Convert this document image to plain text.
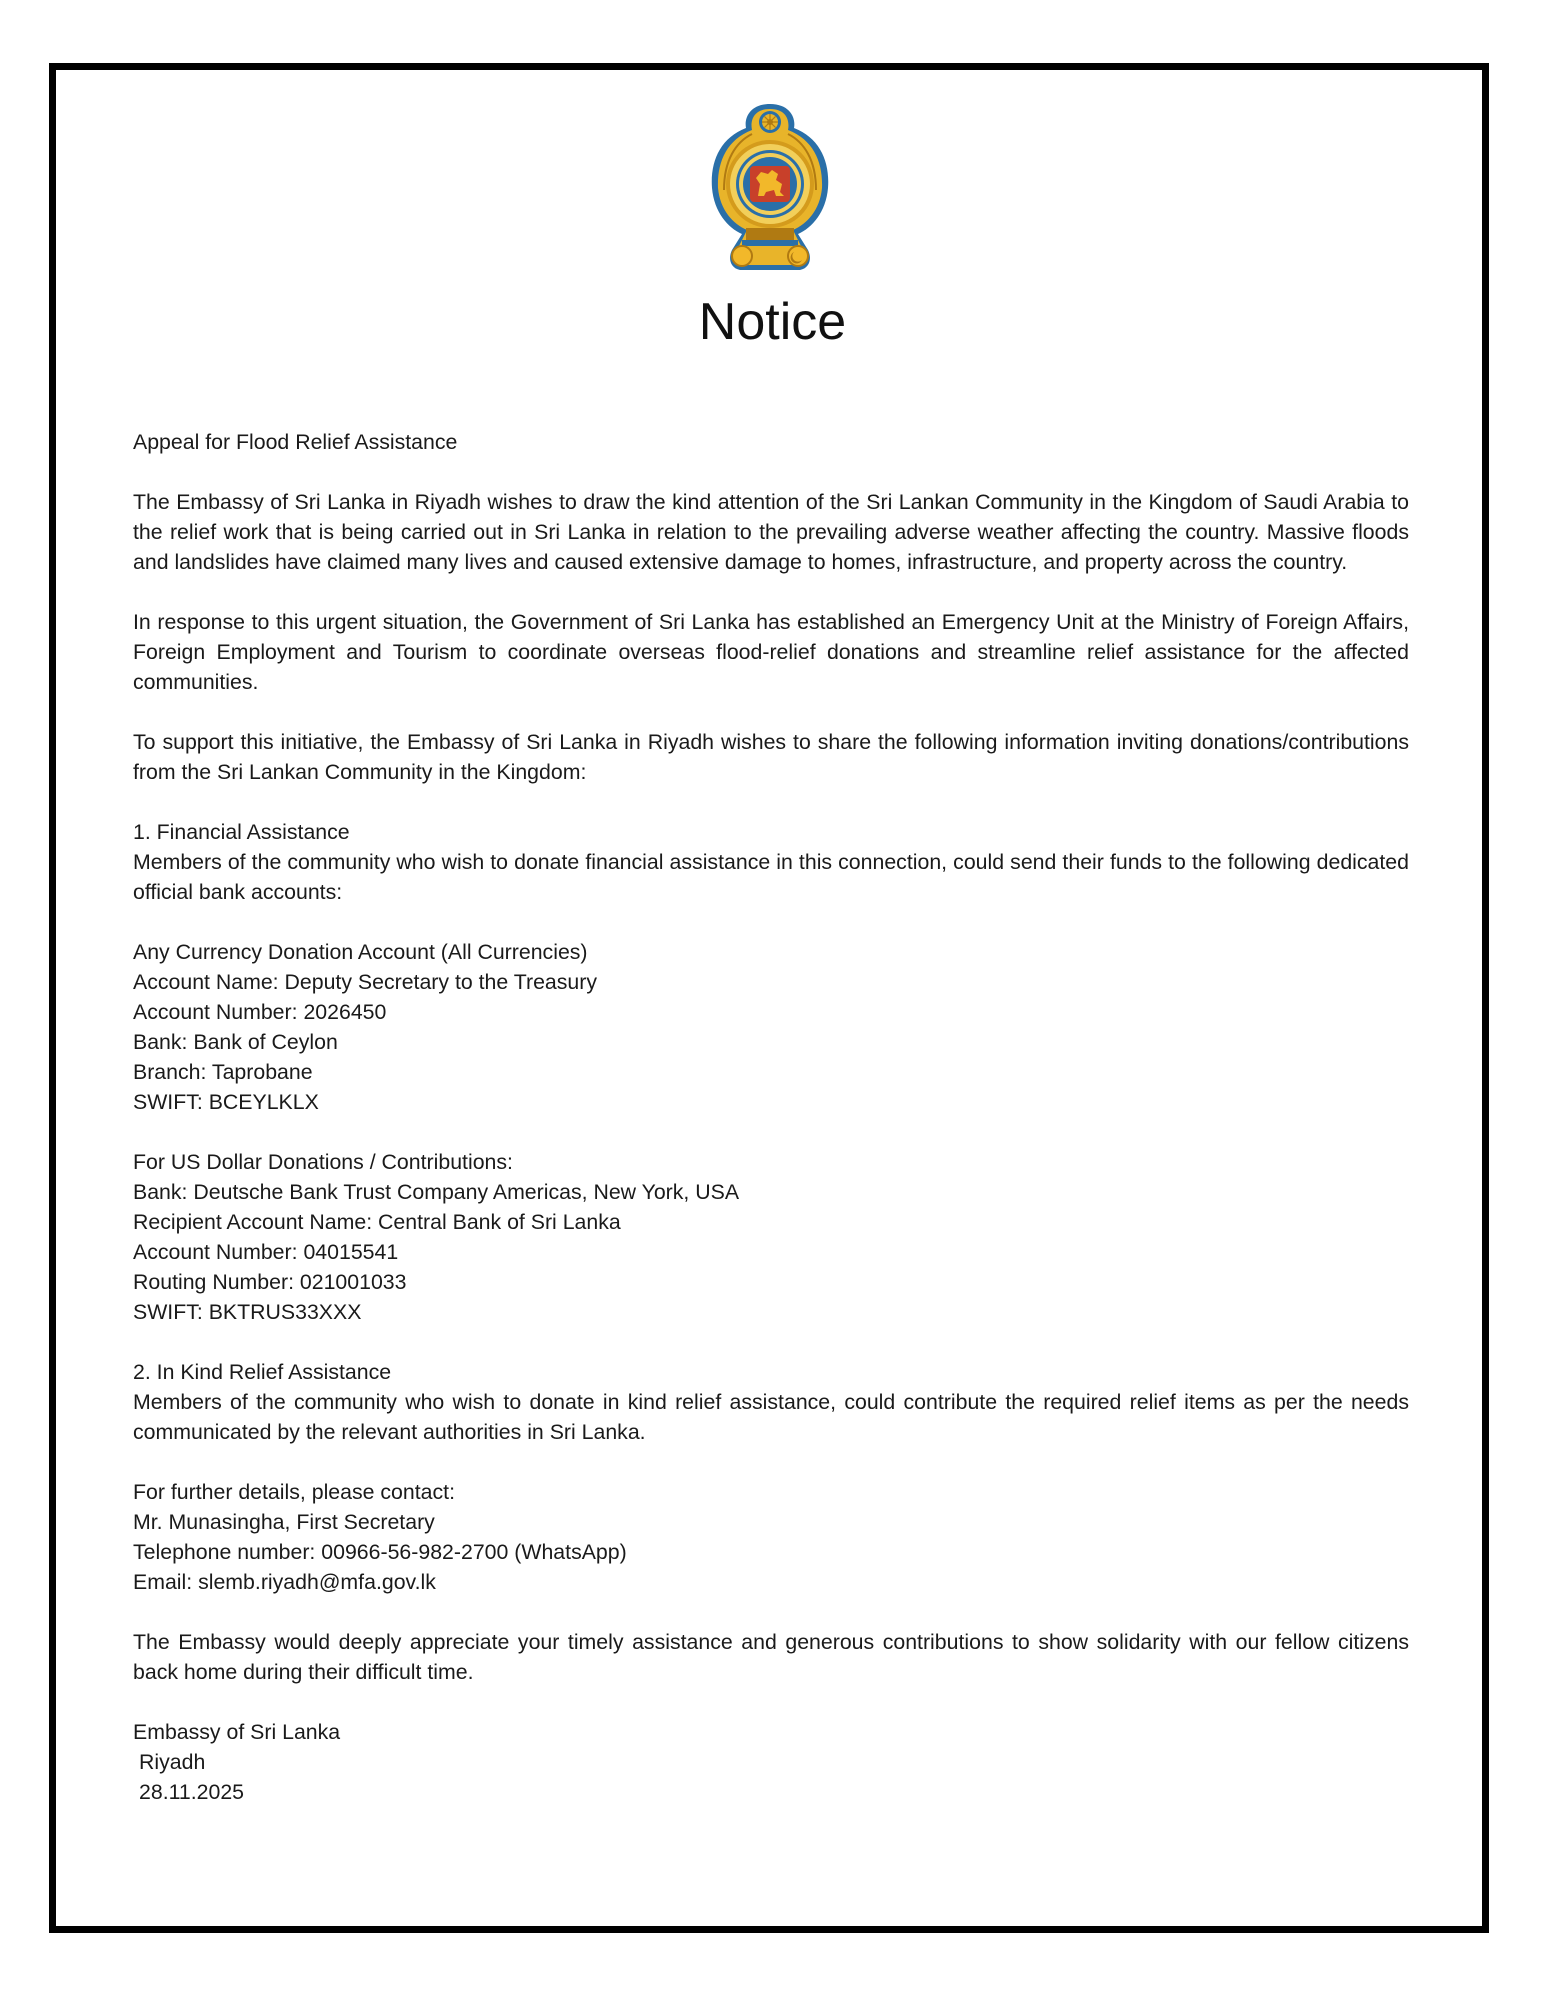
Notice

Appeal for Flood Relief Assistance

The Embassy of Sri Lanka in Riyadh wishes to draw the kind attention of the Sri Lankan Community in the Kingdom of Saudi Arabia to the relief work that is being carried out in Sri Lanka in relation to the prevailing adverse weather affecting the country. Massive floods and landslides have claimed many lives and caused extensive damage to homes, infrastructure, and property across the country.

In response to this urgent situation, the Government of Sri Lanka has established an Emergency Unit at the Ministry of Foreign Affairs, Foreign Employment and Tourism to coordinate overseas flood-relief donations and streamline relief assistance for the affected communities.

To support this initiative, the Embassy of Sri Lanka in Riyadh wishes to share the following information inviting donations/contributions from the Sri Lankan Community in the Kingdom:

1. Financial Assistance
Members of the community who wish to donate financial assistance in this connection, could send their funds to the following dedicated official bank accounts:

Any Currency Donation Account (All Currencies)
Account Name: Deputy Secretary to the Treasury
Account Number: 2026450
Bank: Bank of Ceylon
Branch: Taprobane
SWIFT: BCEYLKLX

For US Dollar Donations / Contributions:
Bank: Deutsche Bank Trust Company Americas, New York, USA
Recipient Account Name: Central Bank of Sri Lanka
Account Number: 04015541
Routing Number: 021001033
SWIFT: BKTRUS33XXX

2. In Kind Relief Assistance
Members of the community who wish to donate in kind relief assistance, could contribute the required relief items as per the needs communicated by the relevant authorities in Sri Lanka.

For further details, please contact:
Mr. Munasingha, First Secretary
Telephone number: 00966-56-982-2700 (WhatsApp)
Email: slemb.riyadh@mfa.gov.lk

The Embassy would deeply appreciate your timely assistance and generous contributions to show solidarity with our fellow citizens back home during their difficult time.

Embassy of Sri Lanka
Riyadh
28.11.2025
